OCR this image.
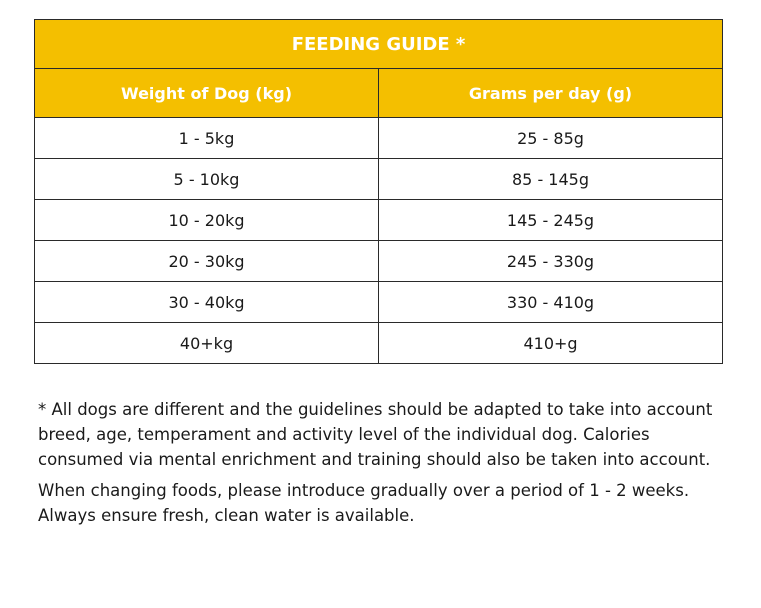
FEEDING GUIDE *	
Weight of Dog (kg)	Grams per day (g)
1 - 5kg	25 - 85g
5 - 10kg	85 - 145g
10 - 20kg	145 - 245g
20 - 30kg	245 - 330g
30 - 40kg	330 - 410g
40+kg	410+g

* All dogs are different and the guidelines should be adapted to take into account breed, age, temperament and activity level of the individual dog. Calories consumed via mental enrichment and training should also be taken into account.

When changing foods, please introduce gradually over a period of 1 - 2 weeks. Always ensure fresh, clean water is available.
